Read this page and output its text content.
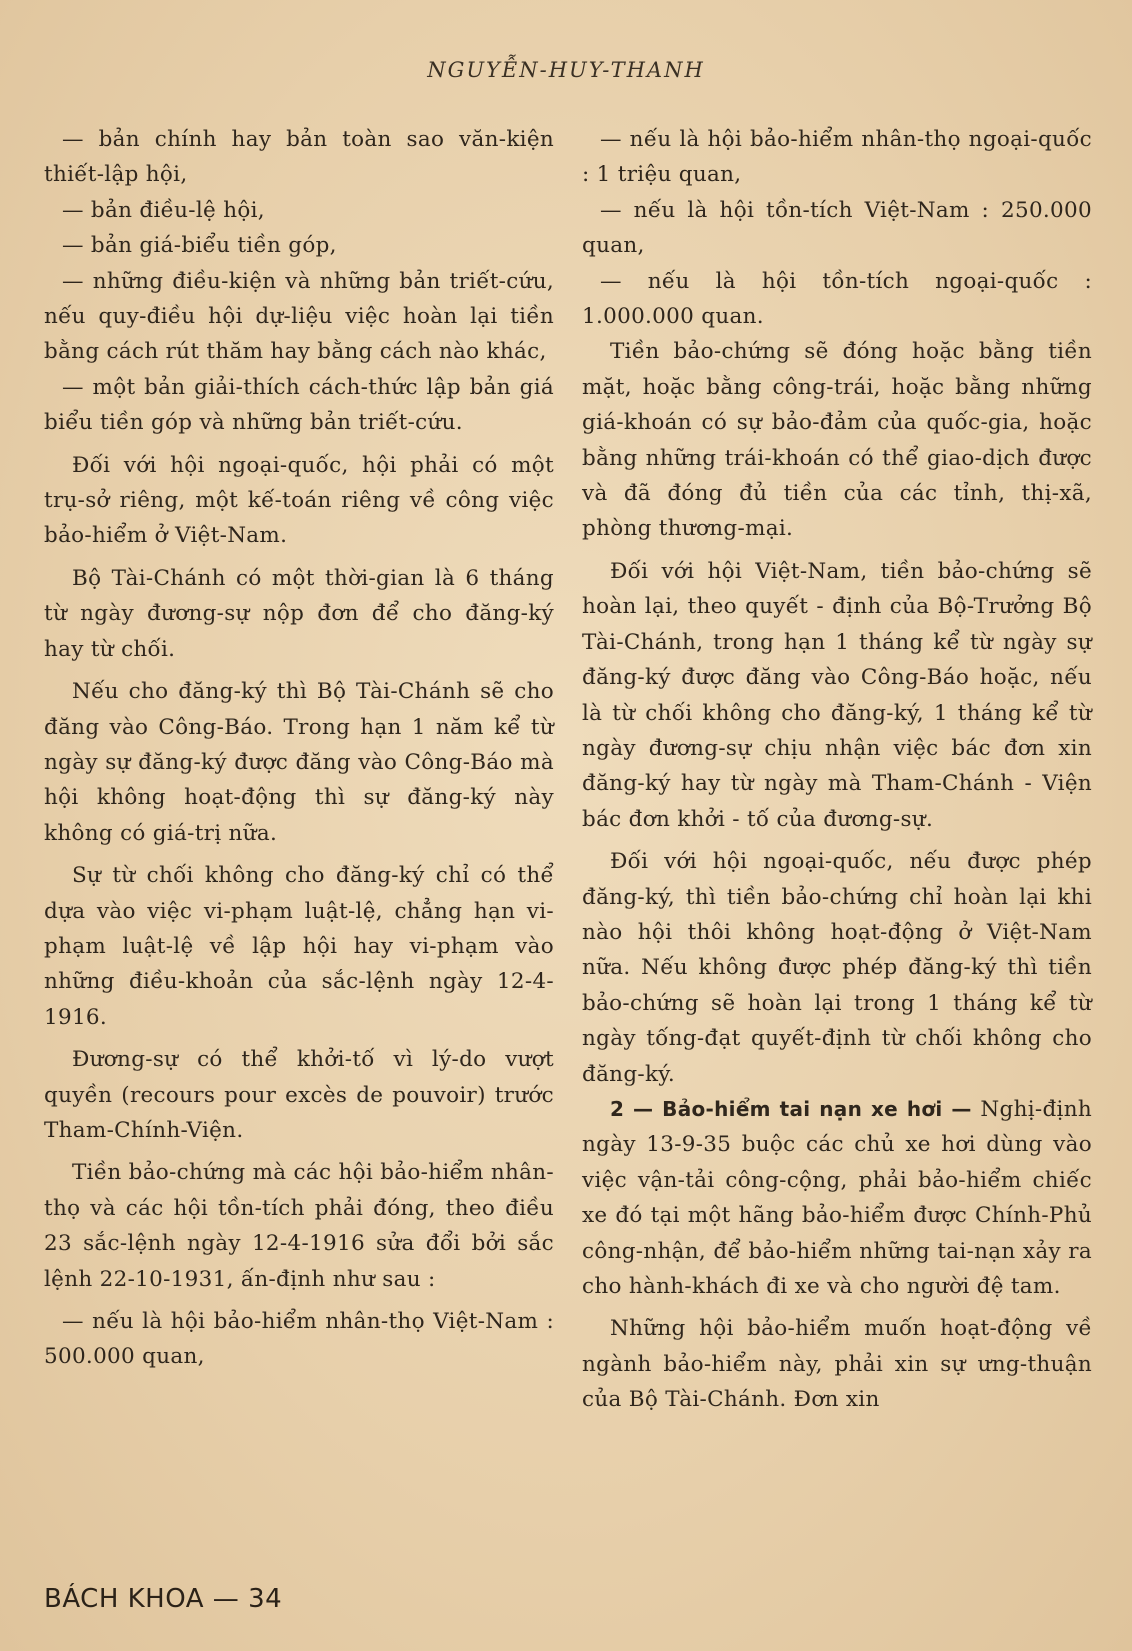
NGUYỄN-HUY-THANH

— bản chính hay bản toàn sao văn-kiện thiết-lập hội,

— bản điều-lệ hội,

— bản giá-biểu tiền góp,

— những điều-kiện và những bản triết-cứu, nếu quy-điều hội dự-liệu việc hoàn lại tiền bằng cách rút thăm hay bằng cách nào khác,

— một bản giải-thích cách-thức lập bản giá biểu tiền góp và những bản triết-cứu.

Đối với hội ngoại-quốc, hội phải có một trụ-sở riêng, một kế-toán riêng về công việc bảo-hiểm ở Việt-Nam.

Bộ Tài-Chánh có một thời-gian là 6 tháng từ ngày đương-sự nộp đơn để cho đăng-ký hay từ chối.

Nếu cho đăng-ký thì Bộ Tài-Chánh sẽ cho đăng vào Công-Báo. Trong hạn 1 năm kể từ ngày sự đăng-ký được đăng vào Công-Báo mà hội không hoạt-động thì sự đăng-ký này không có giá-trị nữa.

Sự từ chối không cho đăng-ký chỉ có thể dựa vào việc vi-phạm luật-lệ, chẳng hạn vi-phạm luật-lệ về lập hội hay vi-phạm vào những điều-khoản của sắc-lệnh ngày 12-4-1916.

Đương-sự có thể khởi-tố vì lý-do vượt quyền (recours pour excès de pouvoir) trước Tham-Chính-Viện.

Tiền bảo-chứng mà các hội bảo-hiểm nhân-thọ và các hội tồn-tích phải đóng, theo điều 23 sắc-lệnh ngày 12-4-1916 sửa đổi bởi sắc lệnh 22-10-1931, ấn-định như sau :

— nếu là hội bảo-hiểm nhân-thọ Việt-Nam : 500.000 quan,

— nếu là hội bảo-hiểm nhân-thọ ngoại-quốc : 1 triệu quan,

— nếu là hội tồn-tích Việt-Nam : 250.000 quan,

— nếu là hội tồn-tích ngoại-quốc : 1.000.000 quan.

Tiền bảo-chứng sẽ đóng hoặc bằng tiền mặt, hoặc bằng công-trái, hoặc bằng những giá-khoán có sự bảo-đảm của quốc-gia, hoặc bằng những trái-khoán có thể giao-dịch được và đã đóng đủ tiền của các tỉnh, thị-xã, phòng thương-mại.

Đối với hội Việt-Nam, tiền bảo-chứng sẽ hoàn lại, theo quyết - định của Bộ-Trưởng Bộ Tài-Chánh, trong hạn 1 tháng kể từ ngày sự đăng-ký được đăng vào Công-Báo hoặc, nếu là từ chối không cho đăng-ký, 1 tháng kể từ ngày đương-sự chịu nhận việc bác đơn xin đăng-ký hay từ ngày mà Tham-Chánh - Viện bác đơn khởi - tố của đương-sự.

Đối với hội ngoại-quốc, nếu được phép đăng-ký, thì tiền bảo-chứng chỉ hoàn lại khi nào hội thôi không hoạt-động ở Việt-Nam nữa. Nếu không được phép đăng-ký thì tiền bảo-chứng sẽ hoàn lại trong 1 tháng kể từ ngày tống-đạt quyết-định từ chối không cho đăng-ký.

2 — Bảo-hiểm tai nạn xe hơi — Nghị-định ngày 13-9-35 buộc các chủ xe hơi dùng vào việc vận-tải công-cộng, phải bảo-hiểm chiếc xe đó tại một hãng bảo-hiểm được Chính-Phủ công-nhận, để bảo-hiểm những tai-nạn xảy ra cho hành-khách đi xe và cho người đệ tam.

Những hội bảo-hiểm muốn hoạt-động về ngành bảo-hiểm này, phải xin sự ưng-thuận của Bộ Tài-Chánh. Đơn xin

BÁCH KHOA — 34
